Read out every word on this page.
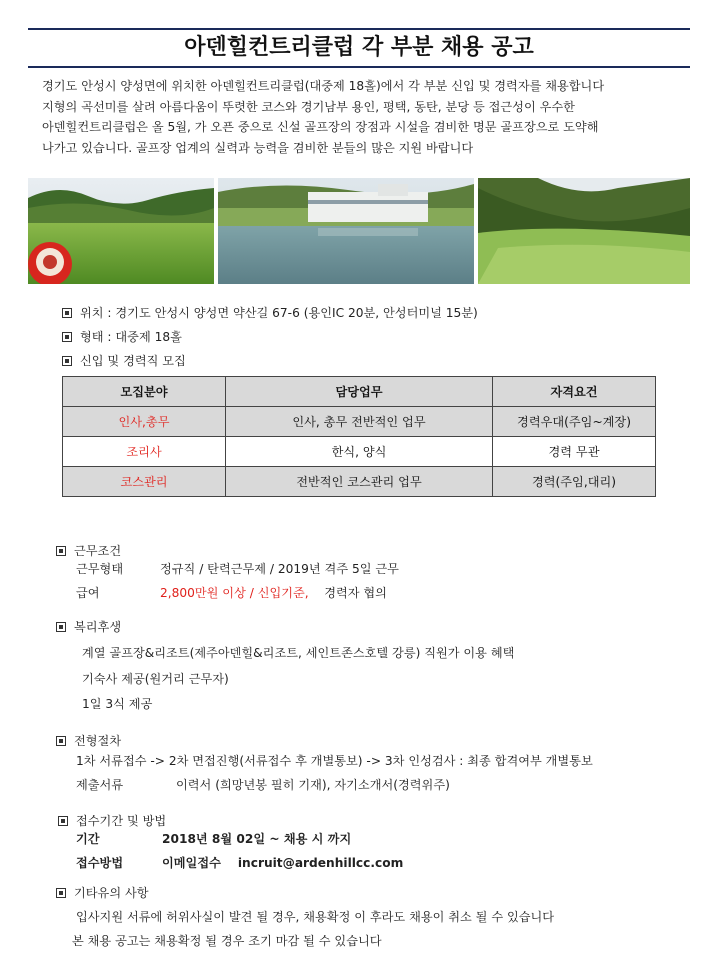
아덴힐컨트리클럽 각 부분 채용 공고

경기도 안성시 양성면에 위치한 아덴힐컨트리클럽(대중제 18홀)에서 각 부분 신입 및 경력자를 채용합니다

지형의 곡선미를 살려 아름다움이 뚜렷한 코스와 경기남부 용인, 평택, 동탄, 분당 등 접근성이 우수한

아덴힐컨트리클럽은 올 5월, 가 오픈 중으로 신설 골프장의 장점과 시설을 겸비한 명문 골프장으로 도약해

나가고 있습니다. 골프장 업계의 실력과 능력을 겸비한 분들의 많은 지원 바랍니다

위치 : 경기도 안성시 양성면 약산길 67-6 (용인IC 20분, 안성터미널 15분)
형태 : 대중제 18홀
신입 및 경력직 모집
모집분야	담당업무	자격요건
인사,총무	인사, 총무 전반적인 업무	경력우대(주임~계장)
조리사	한식, 양식	경력 무관
코스관리	전반적인 코스관리 업무	경력(주임,대리)
근무조건
근무형태	정규직 / 탄력근무제 / 2019년 격주 5일 근무
급여	2,800만원 이상 / 신입기준, 경력자 협의
복리후생
계열 골프장&리조트(제주아덴힐&리조트, 세인트존스호텔 강릉) 직원가 이용 혜택
기숙사 제공(원거리 근무자)
1일 3식 제공
전형절차
1차 서류접수 -> 2차 면접진행(서류접수 후 개별통보) -> 3차 인성검사 : 최종 합격여부 개별통보
제출서류	이력서 (희망년봉 필히 기재), 자기소개서(경력위주)
접수기간 및 방법
기간	2018년 8월 02일 ~ 채용 시 까지
접수방법	이메일접수 incruit@ardenhillcc.com
기타유의 사항
입사지원 서류에 허위사실이 발견 될 경우, 채용확정 이 후라도 채용이 취소 될 수 있습니다
본 채용 공고는 채용확정 될 경우 조기 마감 될 수 있습니다
